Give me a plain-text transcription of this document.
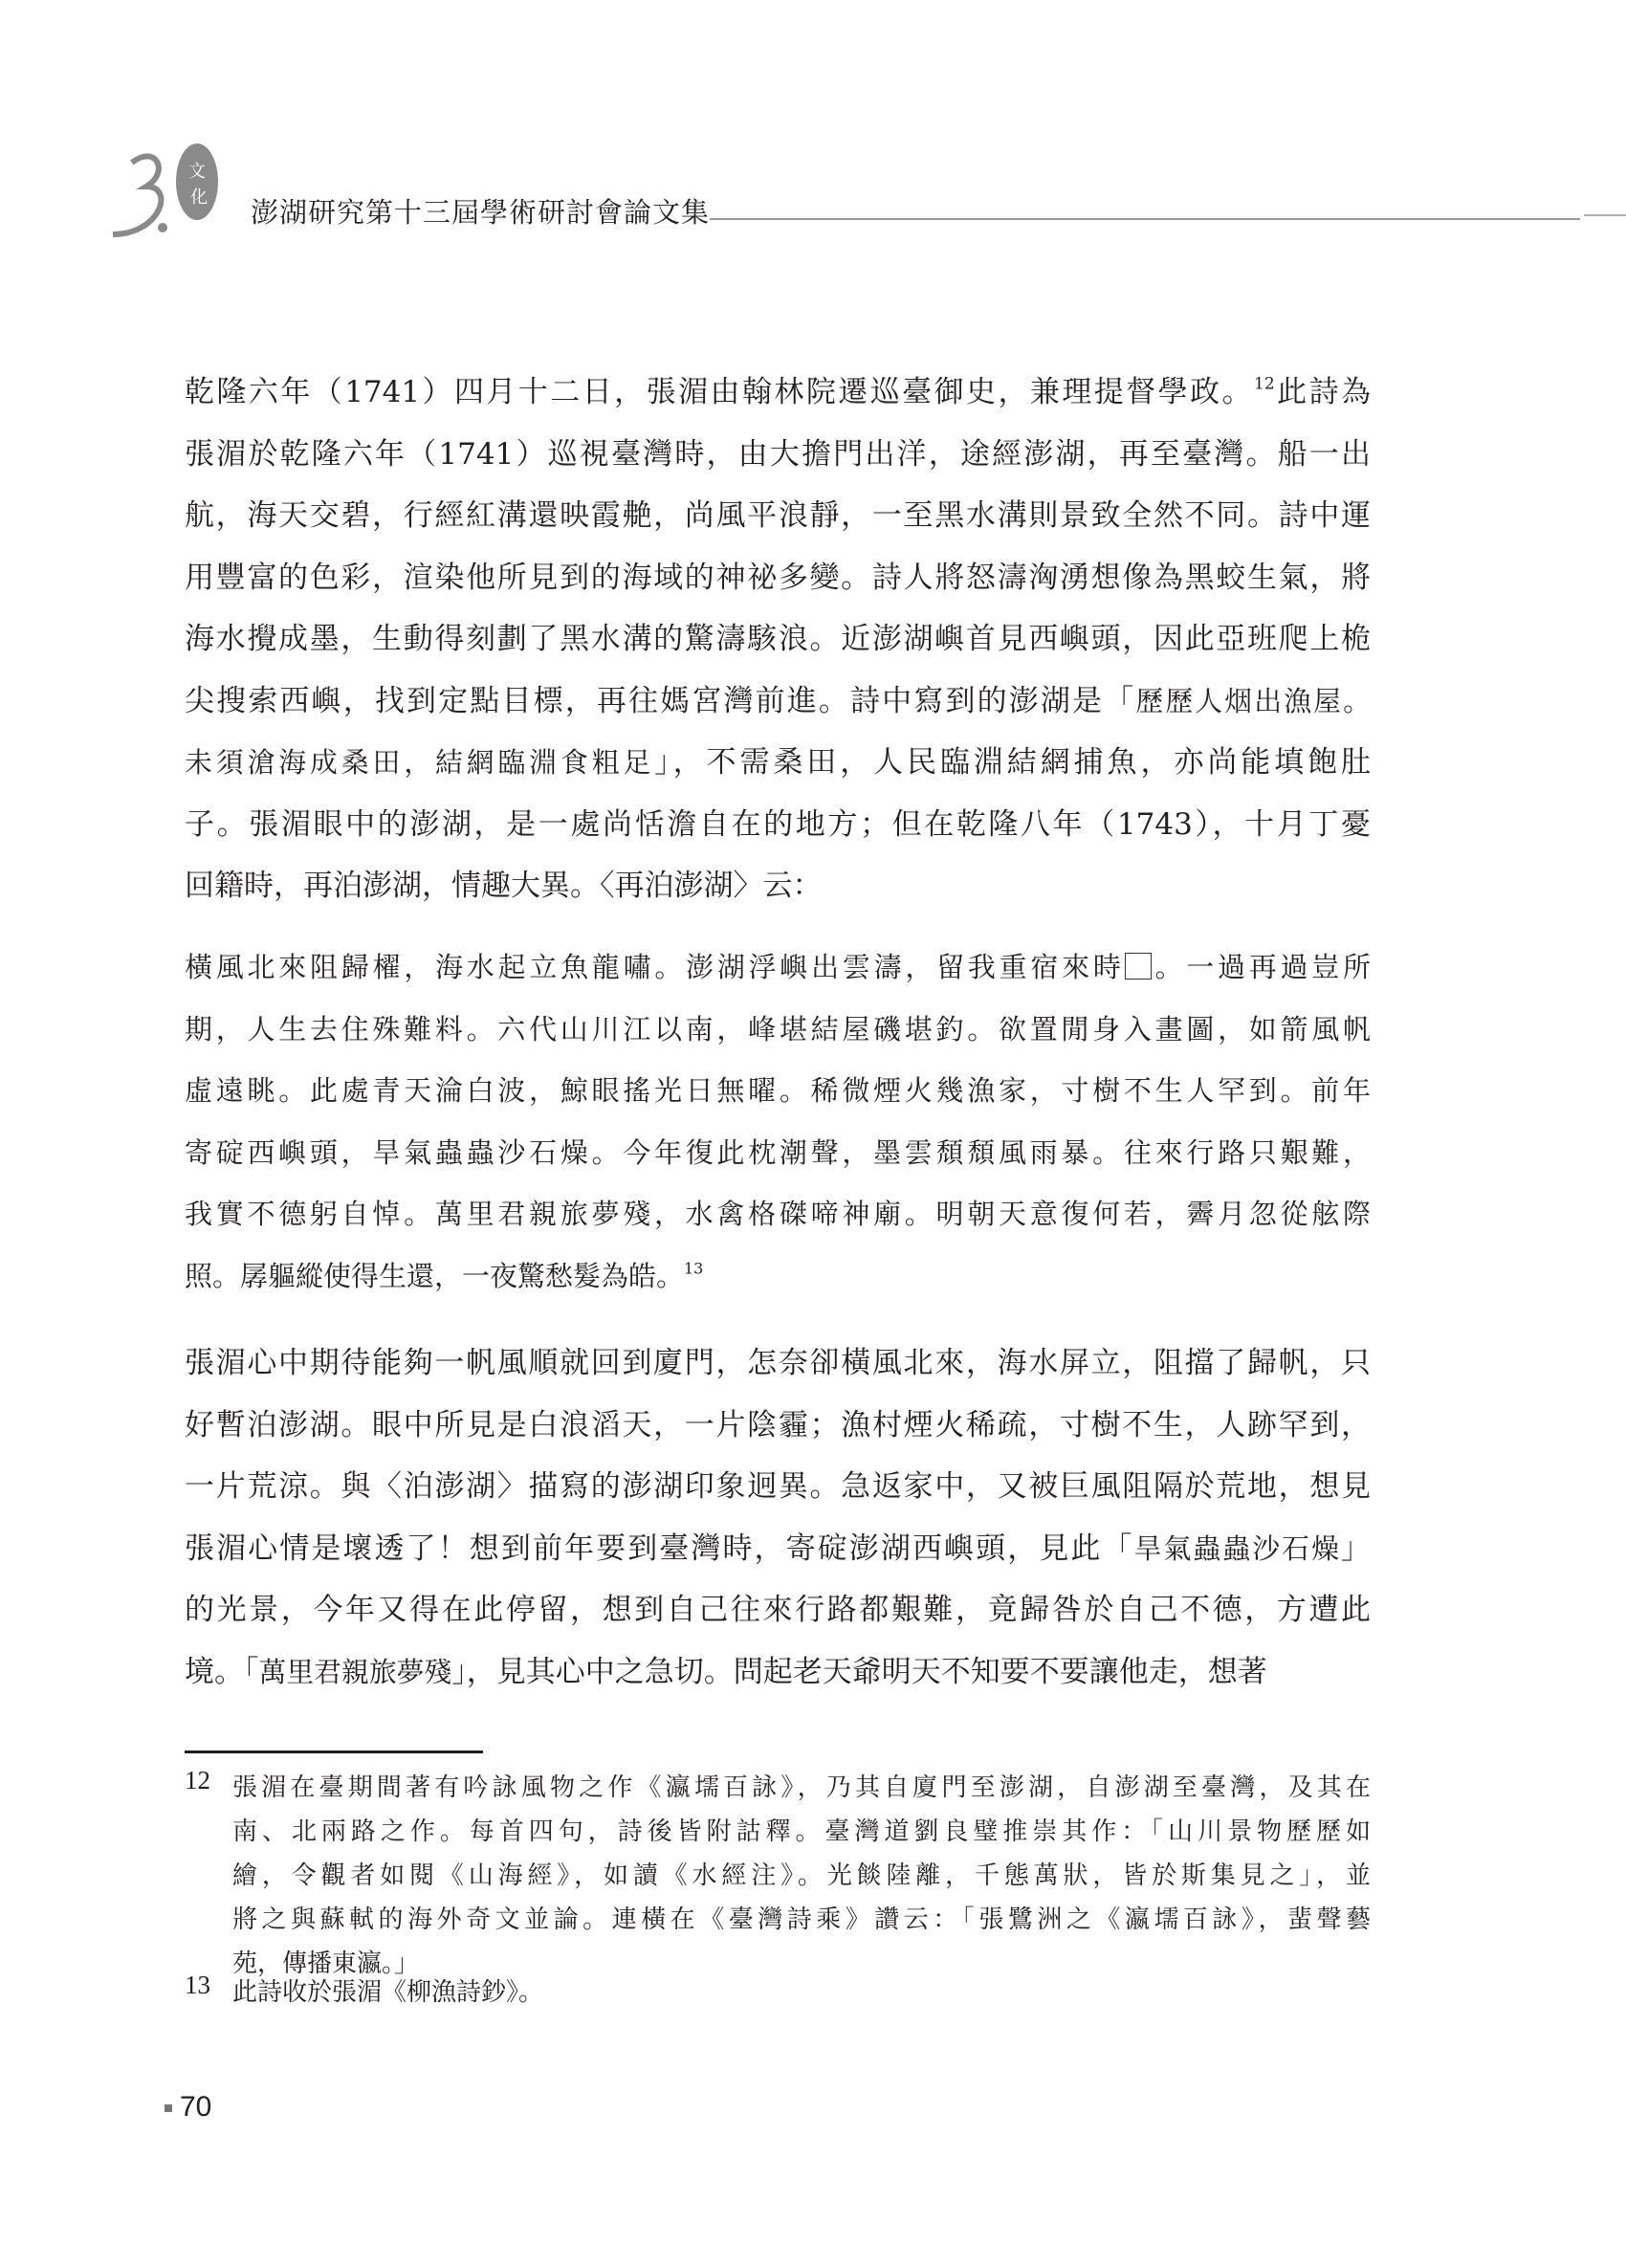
文
化 澎湖研究第十三屆學術研討會論文集
乾隆六年（1741）四月十二日，張湄由翰林院遷巡臺御史，兼理提督學政。$^{12}$此詩為
張湄於乾隆六年（1741）巡視臺灣時，由大擔門出洋，途經澎湖，再至臺灣。船一出
航，海天交碧，行經紅溝還映霞艴，尚風平浪靜，一至黑水溝則景致全然不同。詩中運
用豐富的色彩，渲染他所見到的海域的神祕多變。詩人將怒濤洶湧想像為黑蛟生氣，將
海水攪成墨，生動得刻劃了黑水溝的驚濤駭浪。近澎湖嶼首見西嶼頭，因此亞班爬上桅
尖搜索西嶼，找到定點目標，再往媽宮灣前進。詩中寫到的澎湖是「歷歷人烟出漁屋。
未須滄海成桑田，結網臨淵食粗足」，不需桑田，人民臨淵結網捕魚，亦尚能填飽肚
子。張湄眼中的澎湖，是一處尚恬澹自在的地方；但在乾隆八年（1743），十月丁憂
回籍時，再泊澎湖，情趣大異。〈再泊澎湖〉云：
橫風北來阻歸櫂，海水起立魚龍嘯。澎湖浮嶼出雲濤，留我重宿來時 。一過再過豈所
期，人生去住殊難料。六代山川江以南，峰堪結屋磯堪釣。欲置閒身入畫圖，如箭風帆
虛遠眺。此處青天淪白波，鯨眼搖光日無曜。稀微煙火幾漁家，寸樹不生人罕到。前年
寄碇西嶼頭，旱氣蟲蟲沙石燥。今年復此枕潮聲，墨雲頹頹風雨暴。往來行路只艱難，
我實不德躬自悼。萬里君親旅夢殘，水禽格磔啼神廟。明朝天意復何若，霽月忽從舷際
照。孱軀縱使得生還，一夜驚愁髮為皓。$^{13}$
張湄心中期待能夠一帆風順就回到廈門，怎奈卻橫風北來，海水屏立，阻擋了歸帆，只
好暫泊澎湖。眼中所見是白浪滔天，一片陰霾；漁村煙火稀疏，寸樹不生，人跡罕到，
一片荒涼。與〈泊澎湖〉描寫的澎湖印象迥異。急返家中，又被巨風阻隔於荒地，想見
張湄心情是壞透了！想到前年要到臺灣時，寄碇澎湖西嶼頭，見此「旱氣蟲蟲沙石燥」
的光景，今年又得在此停留，想到自己往來行路都艱難，竟歸咎於自己不德，方遭此
境。「萬里君親旅夢殘」，見其心中之急切。問起老天爺明天不知要不要讓他走，想著
12 張湄在臺期間著有吟詠風物之作《瀛壖百詠》，乃其自廈門至澎湖，自澎湖至臺灣，及其在
南、北兩路之作。每首四句，詩後皆附詁釋。臺灣道劉良璧推崇其作：「山川景物歷歷如
繪，令觀者如閱《山海經》，如讀《水經注》。光餤陸離，千態萬狀，皆於斯集見之」，並
將之與蘇軾的海外奇文並論。連橫在《臺灣詩乘》讚云：「張鷺洲之《瀛壖百詠》，蜚聲藝
苑，傳播東瀛。」
13 此詩收於張湄《柳漁詩鈔》。
70
